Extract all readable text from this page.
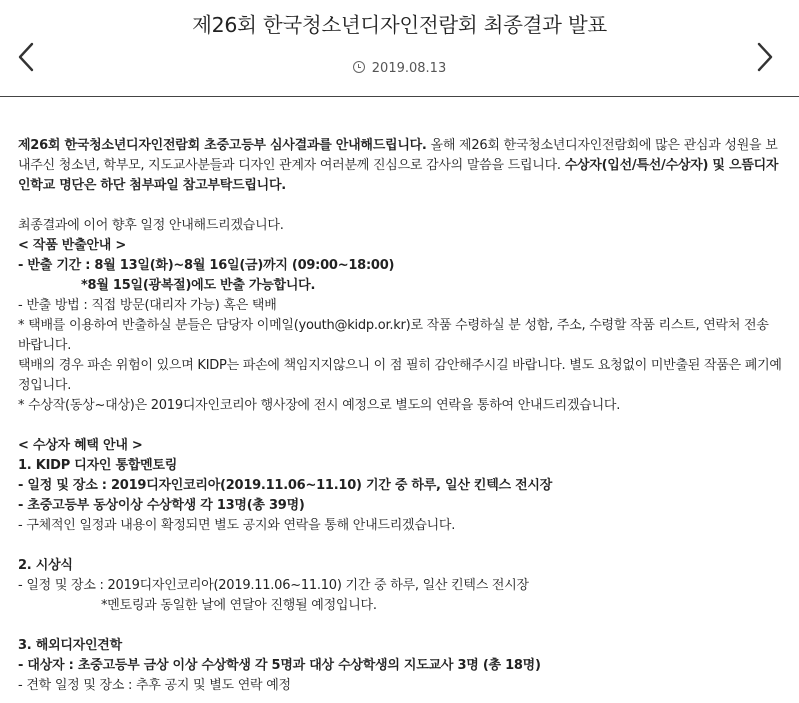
제26회 한국청소년디자인전람회 최종결과 발표
2019.08.13

제26회 한국청소년디자인전람회 초중고등부 심사결과를 안내해드립니다. 올해 제26회 한국청소년디자인전람회에 많은 관심과 성원을 보내주신 청소년, 학부모, 지도교사분들과 디자인 관계자 여러분께 진심으로 감사의 말씀을 드립니다. 수상자(입선/특선/수상자) 및 으뜸디자인학교 명단은 하단 첨부파일 참고부탁드립니다.

최종결과에 이어 향후 일정 안내해드리겠습니다.

< 작품 반출안내 >

- 반출 기간 : 8월 13일(화)~8월 16일(금)까지 (09:00~18:00)

*8월 15일(광복절)에도 반출 가능합니다.

- 반출 방법 : 직접 방문(대리자 가능) 혹은 택배

* 택배를 이용하여 반출하실 분들은 담당자 이메일(youth@kidp.or.kr)로 작품 수령하실 분 성함, 주소, 수령할 작품 리스트, 연락처 전송 바랍니다.

택배의 경우 파손 위험이 있으며 KIDP는 파손에 책임지지않으니 이 점 필히 감안해주시길 바랍니다. 별도 요청없이 미반출된 작품은 폐기예정입니다.

* 수상작(동상~대상)은 2019디자인코리아 행사장에 전시 예정으로 별도의 연락을 통하여 안내드리겠습니다.

< 수상자 혜택 안내 >

1. KIDP 디자인 통합멘토링

- 일정 및 장소 : 2019디자인코리아(2019.11.06~11.10) 기간 중 하루, 일산 킨텍스 전시장

- 초중고등부 동상이상 수상학생 각 13명(총 39명)

- 구체적인 일정과 내용이 확정되면 별도 공지와 연락을 통해 안내드리겠습니다.

2. 시상식

- 일정 및 장소 : 2019디자인코리아(2019.11.06~11.10) 기간 중 하루, 일산 킨텍스 전시장

*멘토링과 동일한 날에 연달아 진행될 예정입니다.

3. 해외디자인견학

- 대상자 : 초중고등부 금상 이상 수상학생 각 5명과 대상 수상학생의 지도교사 3명 (총 18명)

- 견학 일정 및 장소 : 추후 공지 및 별도 연락 예정
